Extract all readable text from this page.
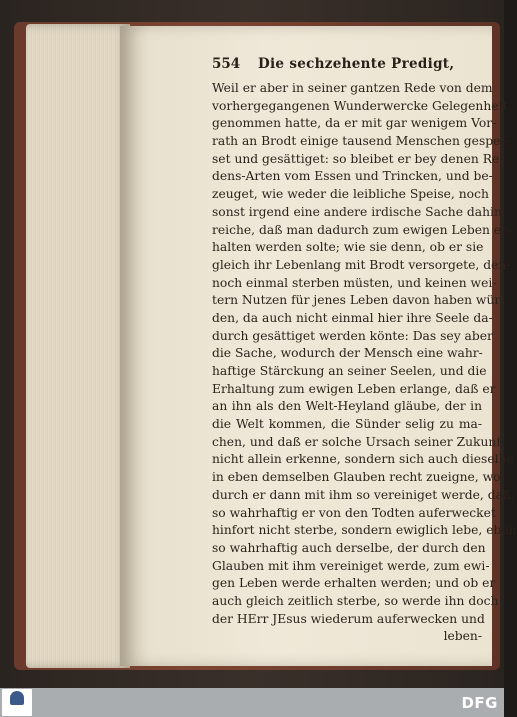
554 Die sechzehente Predigt,
Weil er aber in seiner gantzen Rede von dem
vorhergegangenen Wunderwercke Gelegenheit
genommen hatte, da er mit gar wenigem Vor-
rath an Brodt einige tausend Menschen gespei-
set und gesättiget: so bleibet er bey denen Re-
dens-Arten vom Essen und Trincken, und be-
zeuget, wie weder die leibliche Speise, noch
sonst irgend eine andere irdische Sache dahin
reiche, daß man dadurch zum ewigen Leben er-
halten werden solte; wie sie denn, ob er sie
gleich ihr Lebenlang mit Brodt versorgete, den-
noch einmal sterben müsten, und keinen wei-
tern Nutzen für jenes Leben davon haben wür-
den, da auch nicht einmal hier ihre Seele da-
durch gesättiget werden könte: Das sey aber
die Sache, wodurch der Mensch eine wahr-
haftige Stärckung an seiner Seelen, und die
Erhaltung zum ewigen Leben erlange, daß er
an ihn als den Welt-Heyland gläube, der in
die Welt kommen, die Sünder selig zu ma-
chen, und daß er solche Ursach seiner Zukunft
nicht allein erkenne, sondern sich auch dieselbe
in eben demselben Glauben recht zueigne, wo-
durch er dann mit ihm so vereiniget werde, daß,
so wahrhaftig er von den Todten auferwecket
hinfort nicht sterbe, sondern ewiglich lebe, eben
so wahrhaftig auch derselbe, der durch den
Glauben mit ihm vereiniget werde, zum ewi-
gen Leben werde erhalten werden; und ob er
auch gleich zeitlich sterbe, so werde ihn doch
der HErr JEsus wiederum auferwecken und
leben-
DFG
